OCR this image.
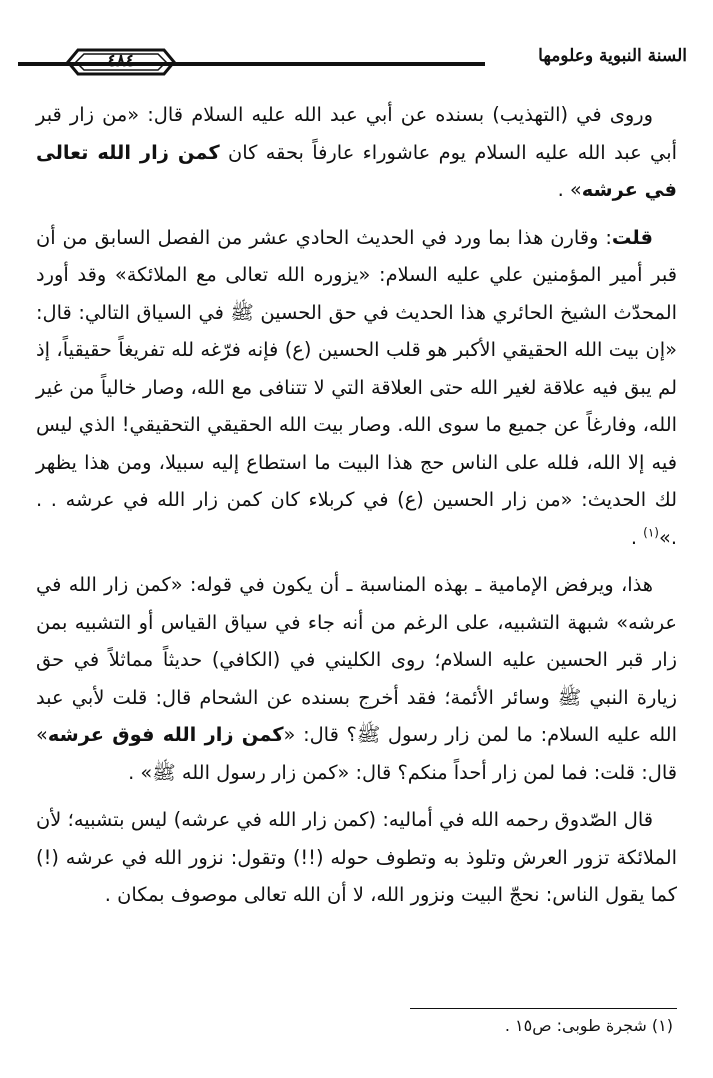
٤٨٤	السنة النبوية وعلومها

وروى في (التهذيب) بسنده عن أبي عبد الله عليه السلام قال: «من زار قبر أبي عبد الله عليه السلام يوم عاشوراء عارفاً بحقه كان كمن زار الله تعالى في عرشه» .

قلت: وقارن هذا بما ورد في الحديث الحادي عشر من الفصل السابق من أن قبر أمير المؤمنين علي عليه السلام: «يزوره الله تعالى مع الملائكة» وقد أورد المحدّث الشيخ الحائري هذا الحديث في حق الحسين ﷺ في السياق التالي: قال: «إن بيت الله الحقيقي الأكبر هو قلب الحسين (ع) فإنه فرّغه لله تفريغاً حقيقياً، إذ لم يبق فيه علاقة لغير الله حتى العلاقة التي لا تتنافى مع الله، وصار خالياً من غير الله، وفارغاً عن جميع ما سوى الله. وصار بيت الله الحقيقي التحقيقي! الذي ليس فيه إلا الله، فلله على الناس حج هذا البيت ما استطاع إليه سبيلا، ومن هذا يظهر لك الحديث: «من زار الحسين (ع) في كربلاء كان كمن زار الله في عرشه . . .»$^{(١)}$ .

هذا، ويرفض الإمامية ـ بهذه المناسبة ـ أن يكون في قوله: «كمن زار الله في عرشه» شبهة التشبيه، على الرغم من أنه جاء في سياق القياس أو التشبيه بمن زار قبر الحسين عليه السلام؛ روى الكليني في (الكافي) حديثاً مماثلاً في حق زيارة النبي ﷺ وسائر الأئمة؛ فقد أخرج بسنده عن الشحام قال: قلت لأبي عبد الله عليه السلام: ما لمن زار رسول ﷺ؟ قال: «كمن زار الله فوق عرشه» قال: قلت: فما لمن زار أحداً منكم؟ قال: «كمن زار رسول الله ﷺ» .

قال الصّدوق رحمه الله في أماليه: (كمن زار الله في عرشه) ليس بتشبيه؛ لأن الملائكة تزور العرش وتلوذ به وتطوف حوله (!!) وتقول: نزور الله في عرشه (!) كما يقول الناس: نحجّ البيت ونزور الله، لا أن الله تعالى موصوف بمكان .

(١) شجرة طوبى: ص١٥ .
